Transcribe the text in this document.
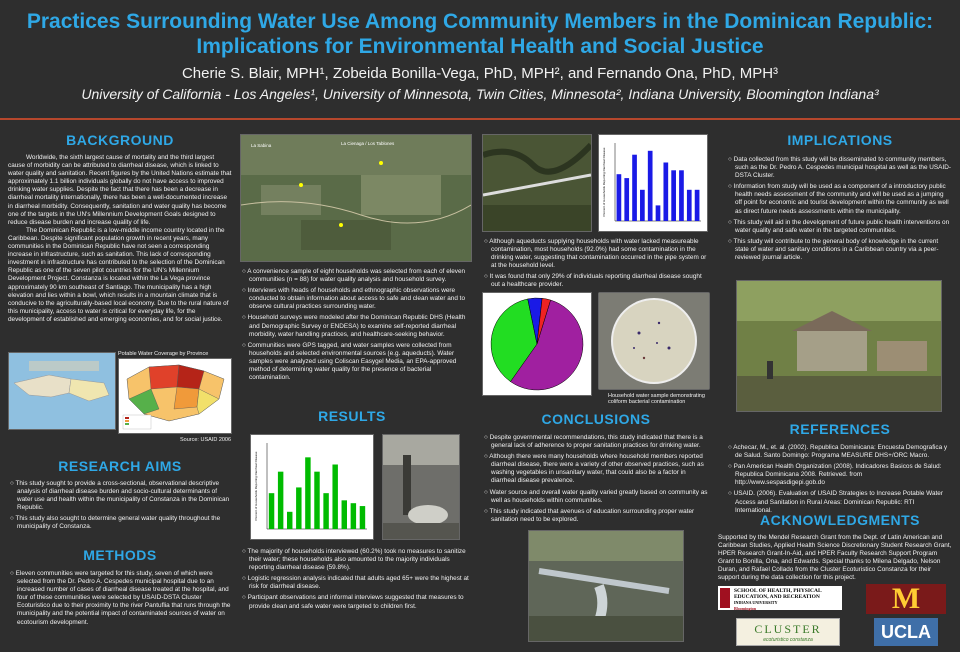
Practices Surrounding Water Use Among Community Members in the Dominican Republic:
Implications for Environmental Health and Social Justice
Cherie S. Blair, MPH¹, Zobeida Bonilla-Vega, PhD, MPH², and Fernando Ona, PhD, MPH³
University of California - Los Angeles¹, University of Minnesota, Twin Cities, Minnesota², Indiana University, Bloomington Indiana³
BACKGROUND
Worldwide, the sixth largest cause of mortality and the third largest cause of morbidity can be attributed to diarrheal disease, which is linked to water quality and sanitation. Recent figures by the United Nations estimate that approximately 1.1 billion individuals globally do not have access to improved drinking water supplies. Despite the fact that there has been a decrease in diarrheal mortality internationally, there has been a well-documented increase in diarrheal morbidity. Consequently, sanitation and water quality has become one of the targets in the UN's Millennium Development Goals designed to reduce disease burden and increase quality of life.
The Dominican Republic is a low-middle income country located in the Caribbean. Despite significant population growth in recent years, many communities in the Dominican Republic have not seen a corresponding increase in infrastructure, such as sanitation. This lack of corresponding investment in infrastructure has contributed to the selection of the Dominican Republic as one of the seven pilot countries for the UN's Millennium Development Project. Constanza is located within the La Vega province approximately 90 km southeast of Santiago. The municipality has a high elevation and lies within a bowl, which results in a mountain climate that is conducive to the agriculturally-based local economy. Due to the rural nature of this municipality, access to water is critical for everyday life, for the development of established and emerging economies, and for social justice.
Potable Water Coverage by Province
Source: USAID 2006
RESEARCH AIMS
○ This study sought to provide a cross-sectional, observational descriptive analysis of diarrheal disease burden and socio-cultural determinants of water use and health within the municipality of Constanza in the Dominican Republic.
○ This study also sought to determine general water quality throughout the municipality of Constanza.
METHODS
○ Eleven communities were targeted for this study, seven of which were selected from the Dr. Pedro A. Cespedes municipal hospital due to an increased number of cases of diarrheal disease treated at the hospital, and four of these communities were selected by USAID-DSTA Cluster Ecoturistico due to their proximity to the river Pantuflia that runs through the municipality and the potential impact of contaminated sources of water on ecotourism development.
La Sabina	La Cienaga / Los Tablones
○ A convenience sample of eight households was selected from each of eleven communities (n = 88) for water quality analysis and household survey.
○ Interviews with heads of households and ethnographic observations were conducted to obtain information about access to safe and clean water and to observe cultural practices surrounding water.
○ Household surveys were modeled after the Dominican Republic DHS (Health and Demographic Survey or ENDESA) to examine self-reported diarrheal morbidity, water handling practices, and healthcare-seeking behavior.
○ Communities were GPS tagged, and water samples were collected from households and selected environmental sources (e.g. aqueducts). Water samples were analyzed using Coliscan Easygel Media, an EPA-approved method of determining water quality for the presence of bacterial contamination.
RESULTS
Percent of Households Reporting Diarrheal Disease
○ The majority of households interviewed (60.2%) took no measures to sanitize their water; these households also amounted to the majority individuals reporting diarrheal disease (59.8%).
○ Logistic regression analysis indicated that adults aged 65+ were the highest at risk for diarrheal disease.
○ Participant observations and informal interviews suggested that measures to provide clean and safe water were targeted to children first.
Percent of Households Reporting Diarrheal Disease
○ Although aqueducts supplying households with water lacked measureable contamination, most households (92.0%) had some contamination in the drinking water, suggesting that contamination occurred in the pipe system or at the household level.
○ It was found that only 29% of individuals reporting diarrheal disease sought out a healthcare provider.
Household water sample demonstrating coliform bacterial contamination
CONCLUSIONS
○ Despite governmental recommendations, this study indicated that there is a general lack of adherence to proper sanitation practices for drinking water.
○ Although there were many households where household members reported diarrheal disease, there were a variety of other observed practices, such as washing vegetables in unsanitary water, that could also be a factor in diarrheal disease prevalence.
○ Water source and overall water quality varied greatly based on community as well as households within communities.
○ This study indicated that avenues of education surrounding proper water sanitation need to be explored.
IMPLICATIONS
○ Data collected from this study will be disseminated to community members, such as the Dr. Pedro A. Cespedes municipal hospital as well as the USAID-DSTA Cluster.
○ Information from study will be used as a component of a introductory public health needs assessment of the community and will be used as a jumping off point for economic and tourist development within the community as well as direct future needs assessments within the municipality.
○ This study will aid in the development of future public health interventions on water quality and safe water in the targeted communities.
○ This study will contribute to the general body of knowledge in the current state of water and sanitary conditions in a Caribbean country via a peer-reviewed journal article.
REFERENCES
○ Achecar, M., et. al. (2002). Republica Dominicana: Encuesta Demografica y de Salud. Santo Domingo: Programa MEASURE DHS+/ORC Macro.
○ Pan American Health Organization (2008). Indicadores Basicos de Salud: Republica Dominicana 2008. Retrieved. from http://www.sespasdigepi.gob.do
○ USAID. (2006). Evaluation of USAID Strategies to Increase Potable Water Access and Sanitation in Rural Areas: Dominican Republic: RTI International.
ACKNOWLEDGMENTS
Supported by the Mendel Research Grant from the Dept. of Latin American and Caribbean Studies, Applied Health Science Discretionary Student Research Grant, HPER Research Grant-In-Aid, and HPER Faculty Research Support Program Grant to Bonilla, Ona, and Edwards. Special thanks to Milena Delgado, Nelson Duran, and Rafael Collado from the Cluster Ecoturistico Constanza for their support during the data collection for this project.
SCHOOL OF HEALTH, PHYSICAL
EDUCATION, AND RECREATION
INDIANA UNIVERSITY
Bloomington	M
CLUSTER
ecoturistico constanza	UCLA
